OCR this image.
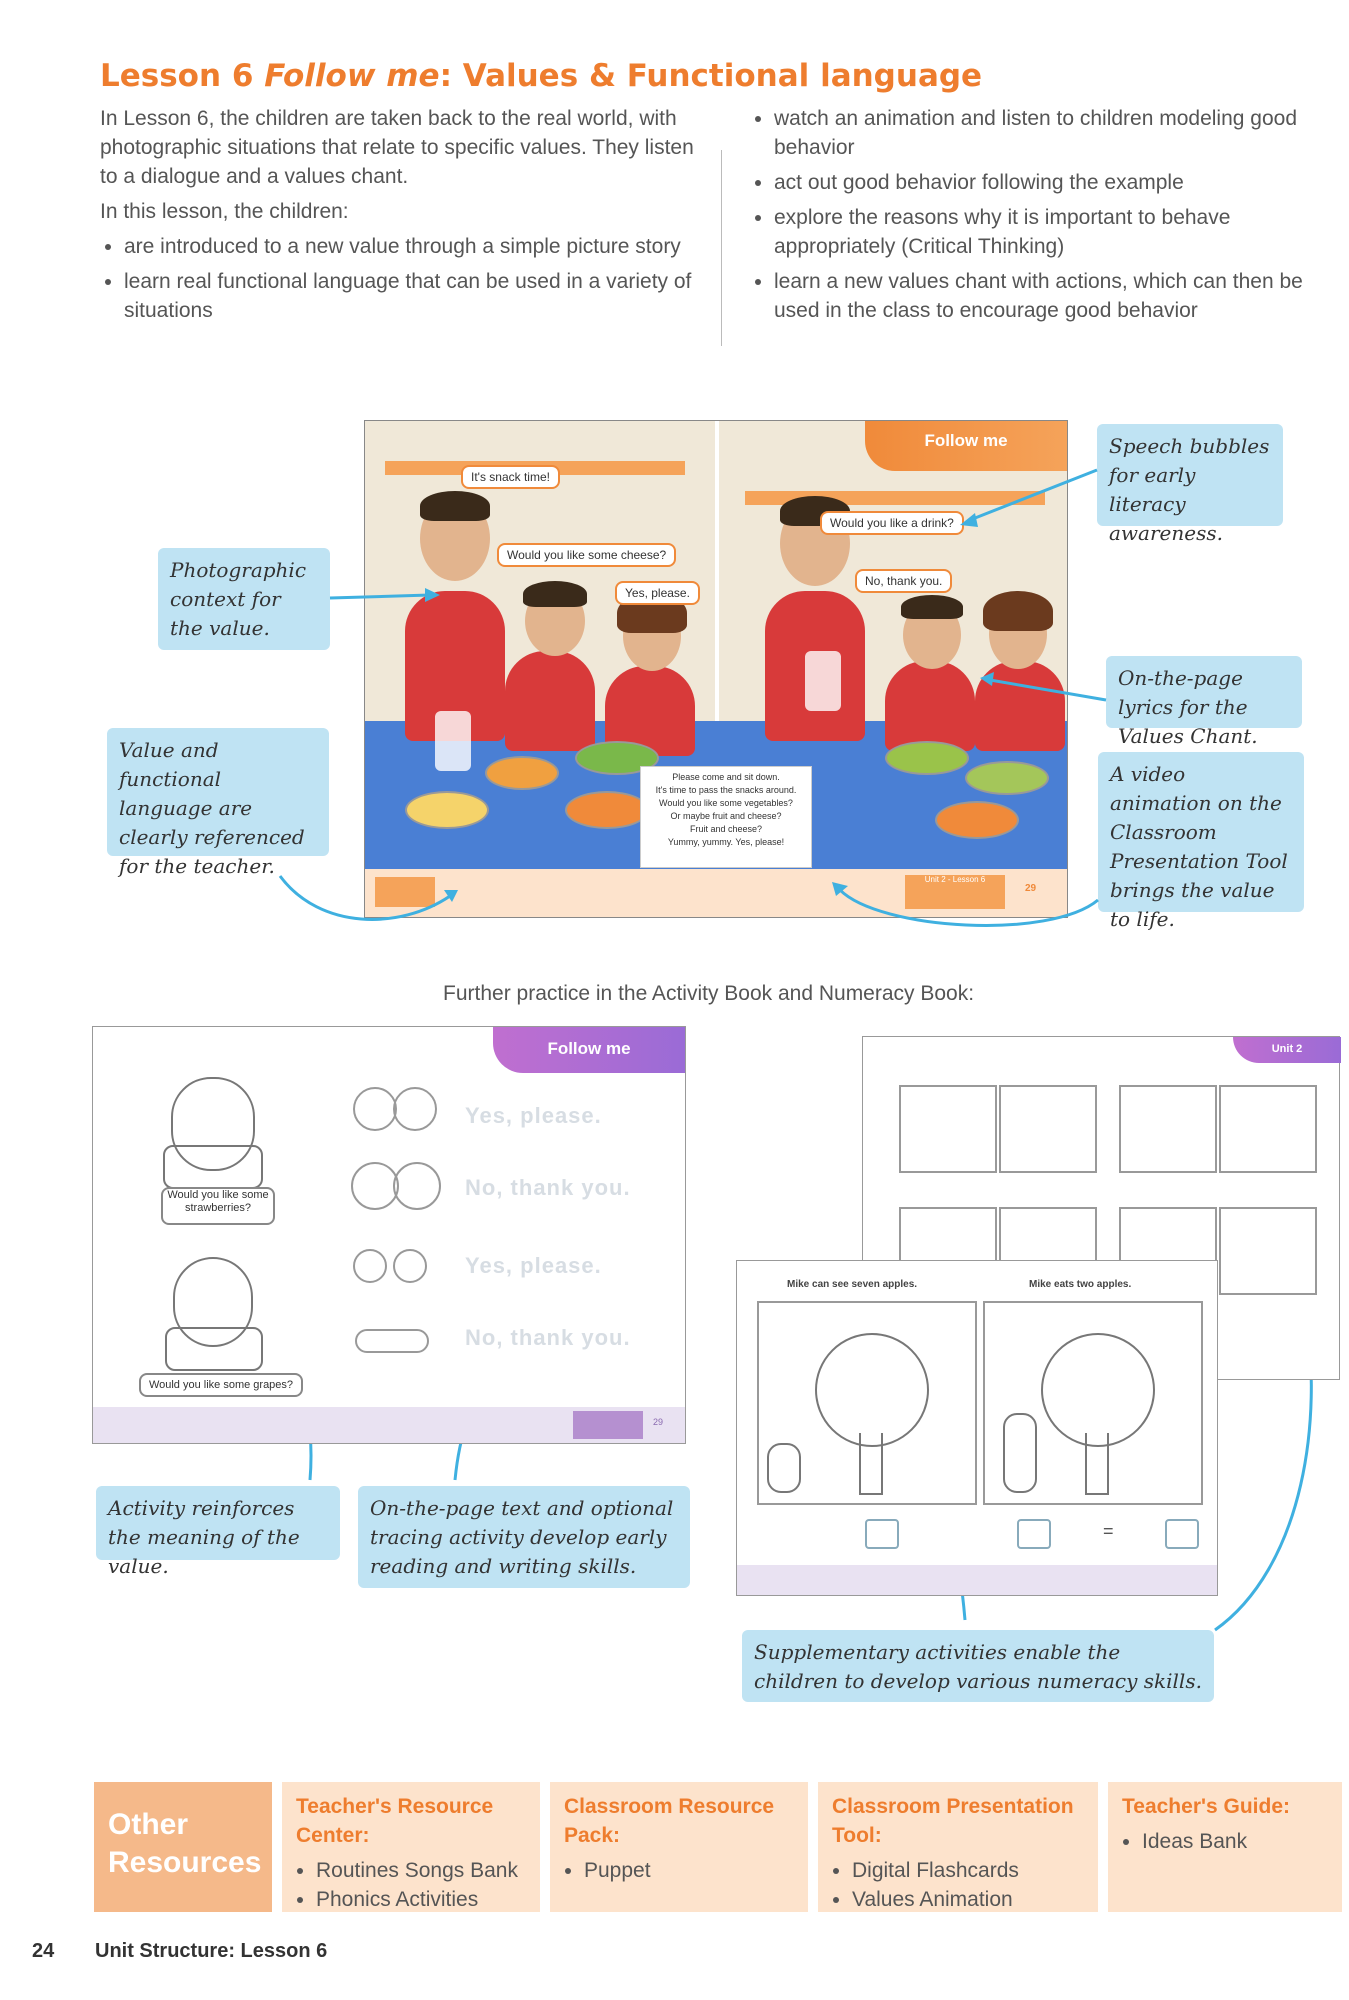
Lesson 6 Follow me: Values & Functional language

In Lesson 6, the children are taken back to the real world, with photographic situations that relate to specific values. They listen to a dialogue and a values chant.

In this lesson, the children:

• are introduced to a new value through a simple picture story
• learn real functional language that can be used in a variety of situations
• watch an animation and listen to children modeling good behavior
• act out good behavior following the example
• explore the reasons why it is important to behave appropriately (Critical Thinking)
• learn a new values chant with actions, which can then be used in the class to encourage good behavior
Follow me
It's snack time!
Would you like some cheese?
Yes, please.
Would you like a drink?
No, thank you.
Please come and sit down.
It's time to pass the snacks around.
Would you like some vegetables?
Or maybe fruit and cheese?
Fruit and cheese?
Yummy, yummy. Yes, please!
Unit 2 - Lesson 6
29
Photographic context for the value.
Value and functional language are clearly referenced for the teacher.
Speech bubbles for early literacy awareness.
On-the-page lyrics for the Values Chant.
A video animation on the Classroom Presentation Tool brings the value to life.
Further practice in the Activity Book and Numeracy Book:
Follow me
Would you like some strawberries?
Would you like some grapes?
Yes, please.
No, thank you.
Yes, please.
No, thank you.
29
Activity reinforces the meaning of the value.
On-the-page text and optional tracing activity develop early reading and writing skills.
Unit 2
Mike can see seven apples.	Mike eats two apples.
=
Supplementary activities enable the children to develop various numeracy skills.
Other Resources
Teacher's Resource Center:
• Routines Songs Bank
• Phonics Activities
Classroom Resource Pack:
• Puppet
Classroom Presentation Tool:
• Digital Flashcards
• Values Animation
Teacher's Guide:
• Ideas Bank
24 Unit Structure: Lesson 6
